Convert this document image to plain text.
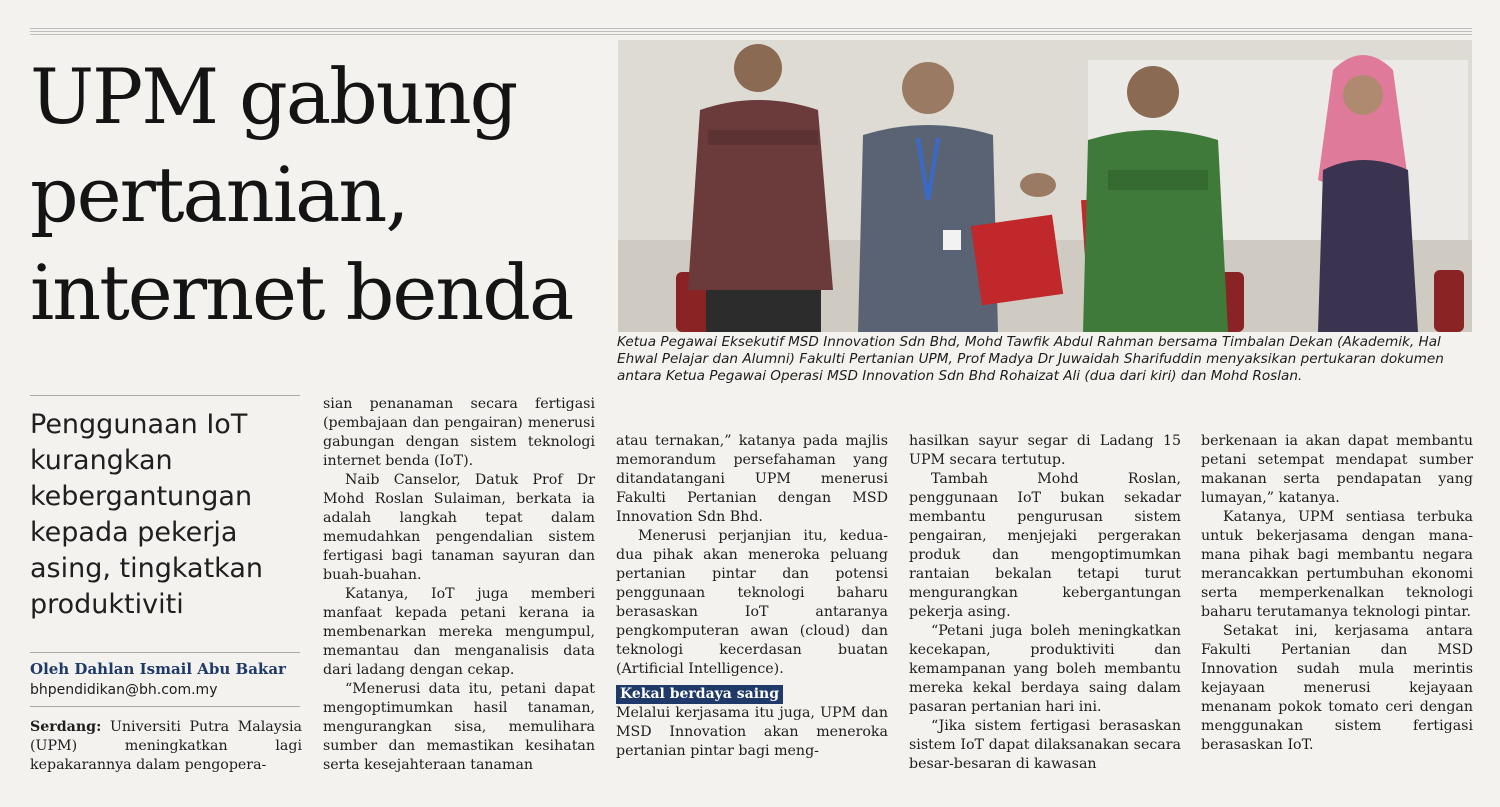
UPM gabung pertanian, internet benda

Ketua Pegawai Eksekutif MSD Innovation Sdn Bhd, Mohd Tawfik Abdul Rahman bersama Timbalan Dekan (Akademik, Hal Ehwal Pelajar dan Alumni) Fakulti Pertanian UPM, Prof Madya Dr Juwaidah Sharifuddin menyaksikan pertukaran dokumen antara Ketua Pegawai Operasi MSD Innovation Sdn Bhd Rohaizat Ali (dua dari kiri) dan Mohd Roslan.

Penggunaan IoT kurangkan kebergantungan kepada pekerja asing, tingkatkan produktiviti
Oleh Dahlan Ismail Abu Bakar
bhpendidikan@bh.com.my

Serdang: Universiti Putra Malaysia (UPM) meningkatkan lagi kepakarannya dalam pengopera-

sian penanaman secara fertigasi (pembajaan dan pengairan) menerusi gabungan dengan sistem teknologi internet benda (IoT).

Naib Canselor, Datuk Prof Dr Mohd Roslan Sulaiman, berkata ia adalah langkah tepat dalam memudahkan pengendalian sistem fertigasi bagi tanaman sayuran dan buah-buahan.

Katanya, IoT juga memberi manfaat kepada petani kerana ia membenarkan mereka mengumpul, memantau dan menganalisis data dari ladang dengan cekap.

“Menerusi data itu, petani dapat mengoptimumkan hasil tanaman, mengurangkan sisa, memulihara sumber dan memastikan kesihatan serta kesejahteraan tanaman

atau ternakan,” katanya pada majlis memorandum persefahaman yang ditandatangani UPM menerusi Fakulti Pertanian dengan MSD Innovation Sdn Bhd.

Menerusi perjanjian itu, kedua-dua pihak akan meneroka peluang pertanian pintar dan potensi penggunaan teknologi baharu berasaskan IoT antaranya pengkomputeran awan (cloud) dan teknologi kecerdasan buatan (Artificial Intelligence).

Kekal berdaya saing

Melalui kerjasama itu juga, UPM dan MSD Innovation akan meneroka pertanian pintar bagi meng-

hasilkan sayur segar di Ladang 15 UPM secara tertutup.

Tambah Mohd Roslan, penggunaan IoT bukan sekadar membantu pengurusan sistem pengairan, menjejaki pergerakan produk dan mengoptimumkan rantaian bekalan tetapi turut mengurangkan kebergantungan pekerja asing.

“Petani juga boleh meningkatkan kecekapan, produktiviti dan kemampanan yang boleh membantu mereka kekal berdaya saing dalam pasaran pertanian hari ini.

“Jika sistem fertigasi berasaskan sistem IoT dapat dilaksanakan secara besar-besaran di kawasan

berkenaan ia akan dapat membantu petani setempat mendapat sumber makanan serta pendapatan yang lumayan,” katanya.

Katanya, UPM sentiasa terbuka untuk bekerjasama dengan mana-mana pihak bagi membantu negara merancakkan pertumbuhan ekonomi serta memperkenalkan teknologi baharu terutamanya teknologi pintar.

Setakat ini, kerjasama antara Fakulti Pertanian dan MSD Innovation sudah mula merintis kejayaan menerusi kejayaan menanam pokok tomato ceri dengan menggunakan sistem fertigasi berasaskan IoT.
